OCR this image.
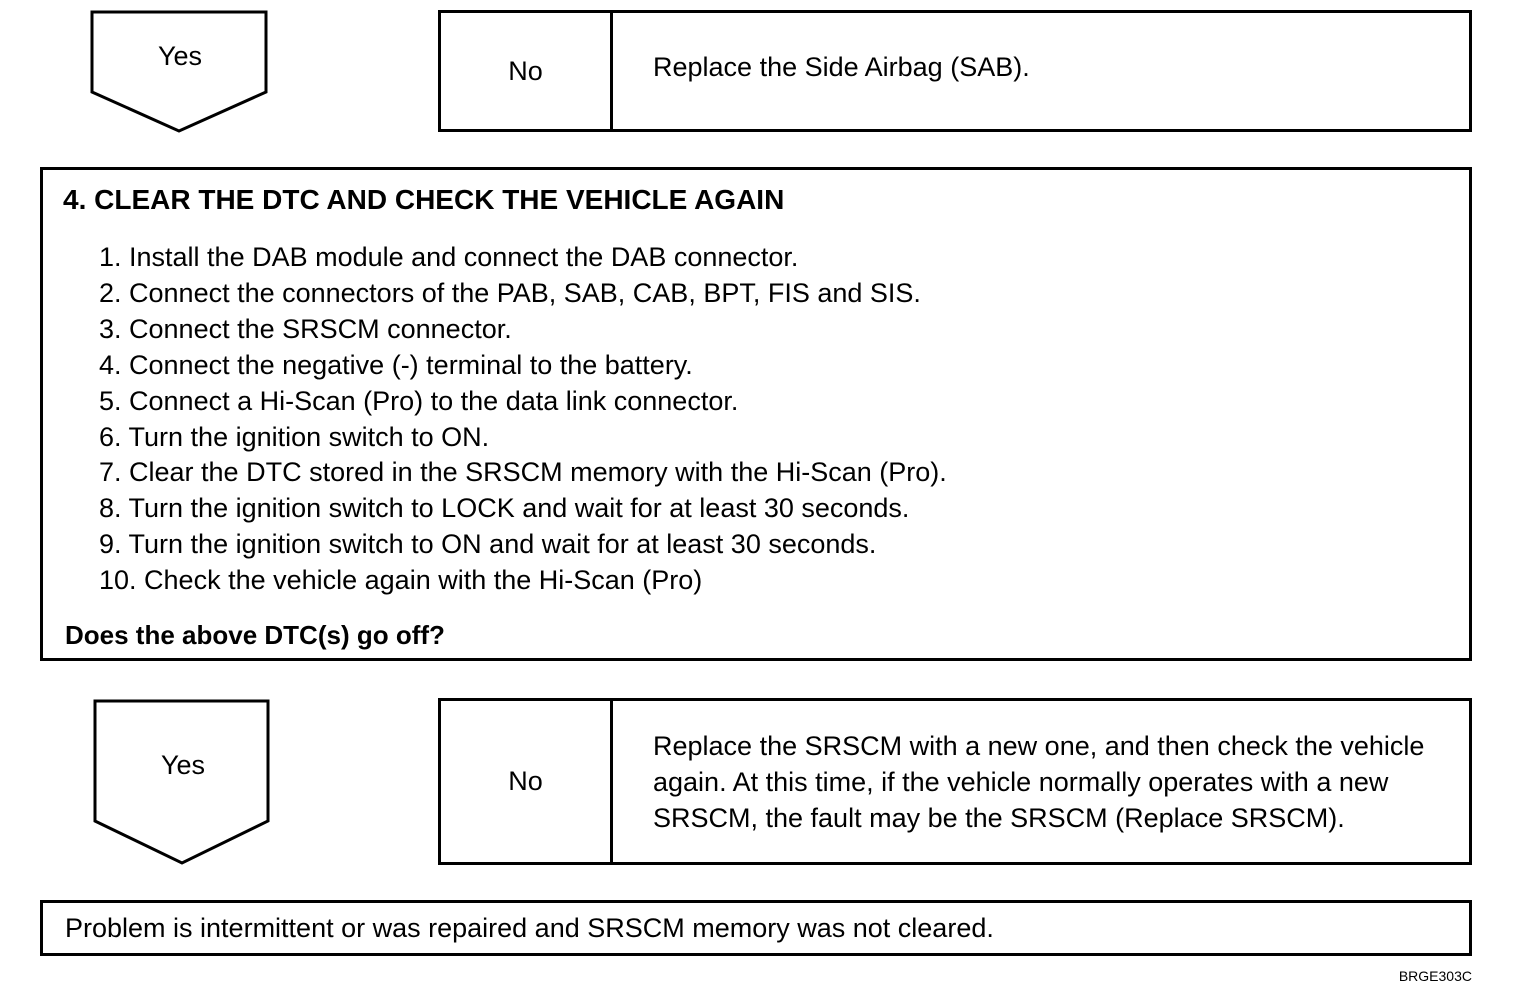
Yes	No	Replace the Side Airbag (SAB).
4. CLEAR THE DTC AND CHECK THE VEHICLE AGAIN
1. Install the DAB module and connect the DAB connector.
2. Connect the connectors of the PAB, SAB, CAB, BPT, FIS and SIS.
3. Connect the SRSCM connector.
4. Connect the negative (-) terminal to the battery.
5. Connect a Hi-Scan (Pro) to the data link connector.
6. Turn the ignition switch to ON.
7. Clear the DTC stored in the SRSCM memory with the Hi-Scan (Pro).
8. Turn the ignition switch to LOCK and wait for at least 30 seconds.
9. Turn the ignition switch to ON and wait for at least 30 seconds.
10. Check the vehicle again with the Hi-Scan (Pro)
Does the above DTC(s) go off?
Yes
No
Replace the SRSCM with a new one, and then check the vehicle again. At this time, if the vehicle normally operates with a new SRSCM, the fault may be the SRSCM (Replace SRSCM).
Problem is intermittent or was repaired and SRSCM memory was not cleared.
BRGE303C
